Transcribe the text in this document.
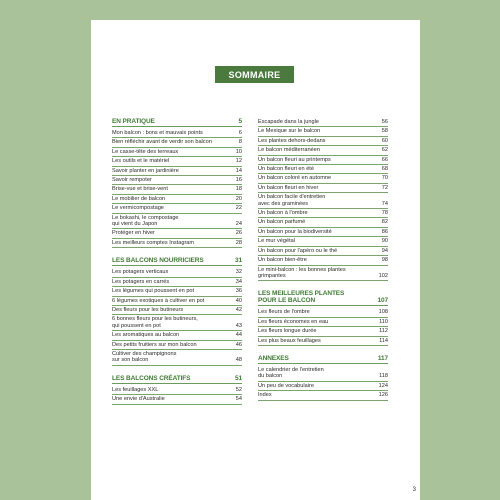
SOMMAIRE
EN PRATIQUE	5
Mon balcon : bons et mauvais points	6
Bien réfléchir avant de verdir son balcon	8
Le casse-tête des terreaux	10
Les outils et le matériel	12
Savoir planter en jardinière	14
Savoir rempoter	16
Brise-vue et brise-vent	18
Le mobilier de balcon	20
Le vermicompostage	22
Le bokashi, le compostage
qui vient du Japon	24
Protéger en hiver	26
Les meilleurs comptes Instagram	28
LES BALCONS NOURRICIERS	31
Les potagers verticaux	32
Les potagers en carrés	34
Les légumes qui poussent en pot	36
6 légumes exotiques à cultiver en pot	40
Des fleurs pour les butineurs	42
6 bonnes fleurs pour les butineurs,
qui poussent en pot	43
Les aromatiques au balcon	44
Des petits fruitiers sur mon balcon	46
Cultiver des champignons
sur son balcon	48
LES BALCONS CRÉATIFS	51
Les feuillages XXL	52
Une envie d'Australie	54
Escapade dans la jungle	56
Le Mexique sur le balcon	58
Les plantes dehors-dedans	60
Le balcon méditerranéen	62
Un balcon fleuri au printemps	66
Un balcon fleuri en été	68
Un balcon coloré en automne	70
Un balcon fleuri en hiver	72
Un balcon facile d'entretien
avec des graminées	74
Un balcon à l'ombre	78
Un balcon parfumé	82
Un balcon pour la biodiversité	86
Le mur végétal	90
Un balcon pour l'apéro ou le thé	94
Un balcon bien-être	98
Le mini-balcon : les bonnes plantes
grimpantes	102
LES MEILLEURES PLANTES
POUR LE BALCON	107
Les fleurs de l'ombre	108
Les fleurs économes en eau	110
Les fleurs longue durée	112
Les plus beaux feuillages	114
ANNEXES	117
Le calendrier de l'entretien
du balcon	118
Un peu de vocabulaire	124
Index	126
3
